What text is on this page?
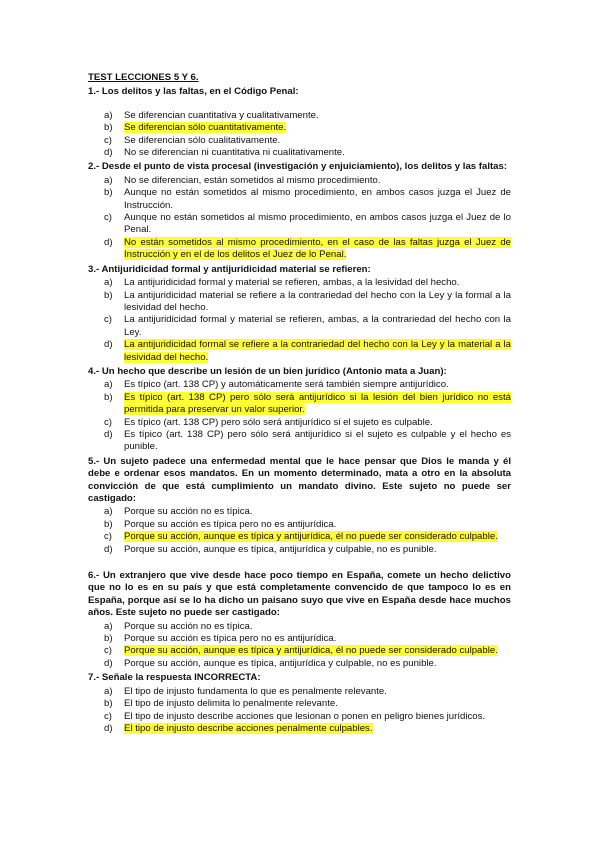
TEST LECCIONES 5 Y 6.
1.- Los delitos y las faltas, en el Código Penal:
a)	Se diferencian cuantitativa y cualitativamente.
b)	Se diferencian sólo cuantitativamente.
c)	Se diferencian sólo cualitativamente.
d)	No se diferencian ni cuantitativa ni cualitativamente.
2.- Desde el punto de vista procesal (investigación y enjuiciamiento), los delitos y las faltas:
a)	No se diferencian, están sometidos al mismo procedimiento.
b)	Aunque no están sometidos al mismo procedimiento, en ambos casos juzga el Juez de Instrucción.
c)	Aunque no están sometidos al mismo procedimiento, en ambos casos juzga el Juez de lo Penal.
d)	No están sometidos al mismo procedimiento, en el caso de las faltas juzga el Juez de Instrucción y en el de los delitos el Juez de lo Penal.
3.- Antijuridicidad formal y antijuridicidad material se refieren:
a)	La antijuridicidad formal y material se refieren, ambas, a la lesividad del hecho.
b)	La antijuridicidad material se refiere a la contrariedad del hecho con la Ley y la formal a la lesividad del hecho.
c)	La antijuridicidad formal y material se refieren, ambas, a la contrariedad del hecho con la Ley.
d)	La antijuridicidad formal se refiere a la contrariedad del hecho con la Ley y la material a la lesividad del hecho.
4.- Un hecho que describe un lesión de un bien jurídico (Antonio mata a Juan):
a)	Es típico (art. 138 CP) y automáticamente será también siempre antijurídico.
b)	Es típico (art. 138 CP) pero sólo será antijurídico si la lesión del bien jurídico no está permitida para preservar un valor superior.
c)	Es típico (art. 138 CP) pero sólo será antijurídico si el sujeto es culpable.
d)	Es típico (art. 138 CP) pero sólo será antijurídico si el sujeto es culpable y el hecho es punible.
5.- Un sujeto padece una enfermedad mental que le hace pensar que Dios le manda y él debe e ordenar esos mandatos. En un momento determinado, mata a otro en la absoluta convicción de que está cumplimiento un mandato divino. Este sujeto no puede ser castigado:
a)	Porque su acción no es típica.
b)	Porque su acción es típica pero no es antijurídica.
c)	Porque su acción, aunque es típica y antijurídica, él no puede ser considerado culpable.
d)	Porque su acción, aunque es típica, antijurídica y culpable, no es punible.
6.- Un extranjero que vive desde hace poco tiempo en España, comete un hecho delictivo que no lo es en su país y que está completamente convencido de que tampoco lo es en España, porque así se lo ha dicho un paisano suyo que vive en España desde hace muchos años. Este sujeto no puede ser castigado:
a)	Porque su acción no es típica.
b)	Porque su acción es típica pero no es antijurídica.
c)	Porque su acción, aunque es típica y antijurídica, él no puede ser considerado culpable.
d)	Porque su acción, aunque es típica, antijurídica y culpable, no es punible.
7.- Señale la respuesta INCORRECTA:
a)	El tipo de injusto fundamenta lo que es penalmente relevante.
b)	El tipo de injusto delimita lo penalmente relevante.
c)	El tipo de injusto describe acciones que lesionan o ponen en peligro bienes jurídicos.
d)	El tipo de injusto describe acciones penalmente culpables.
